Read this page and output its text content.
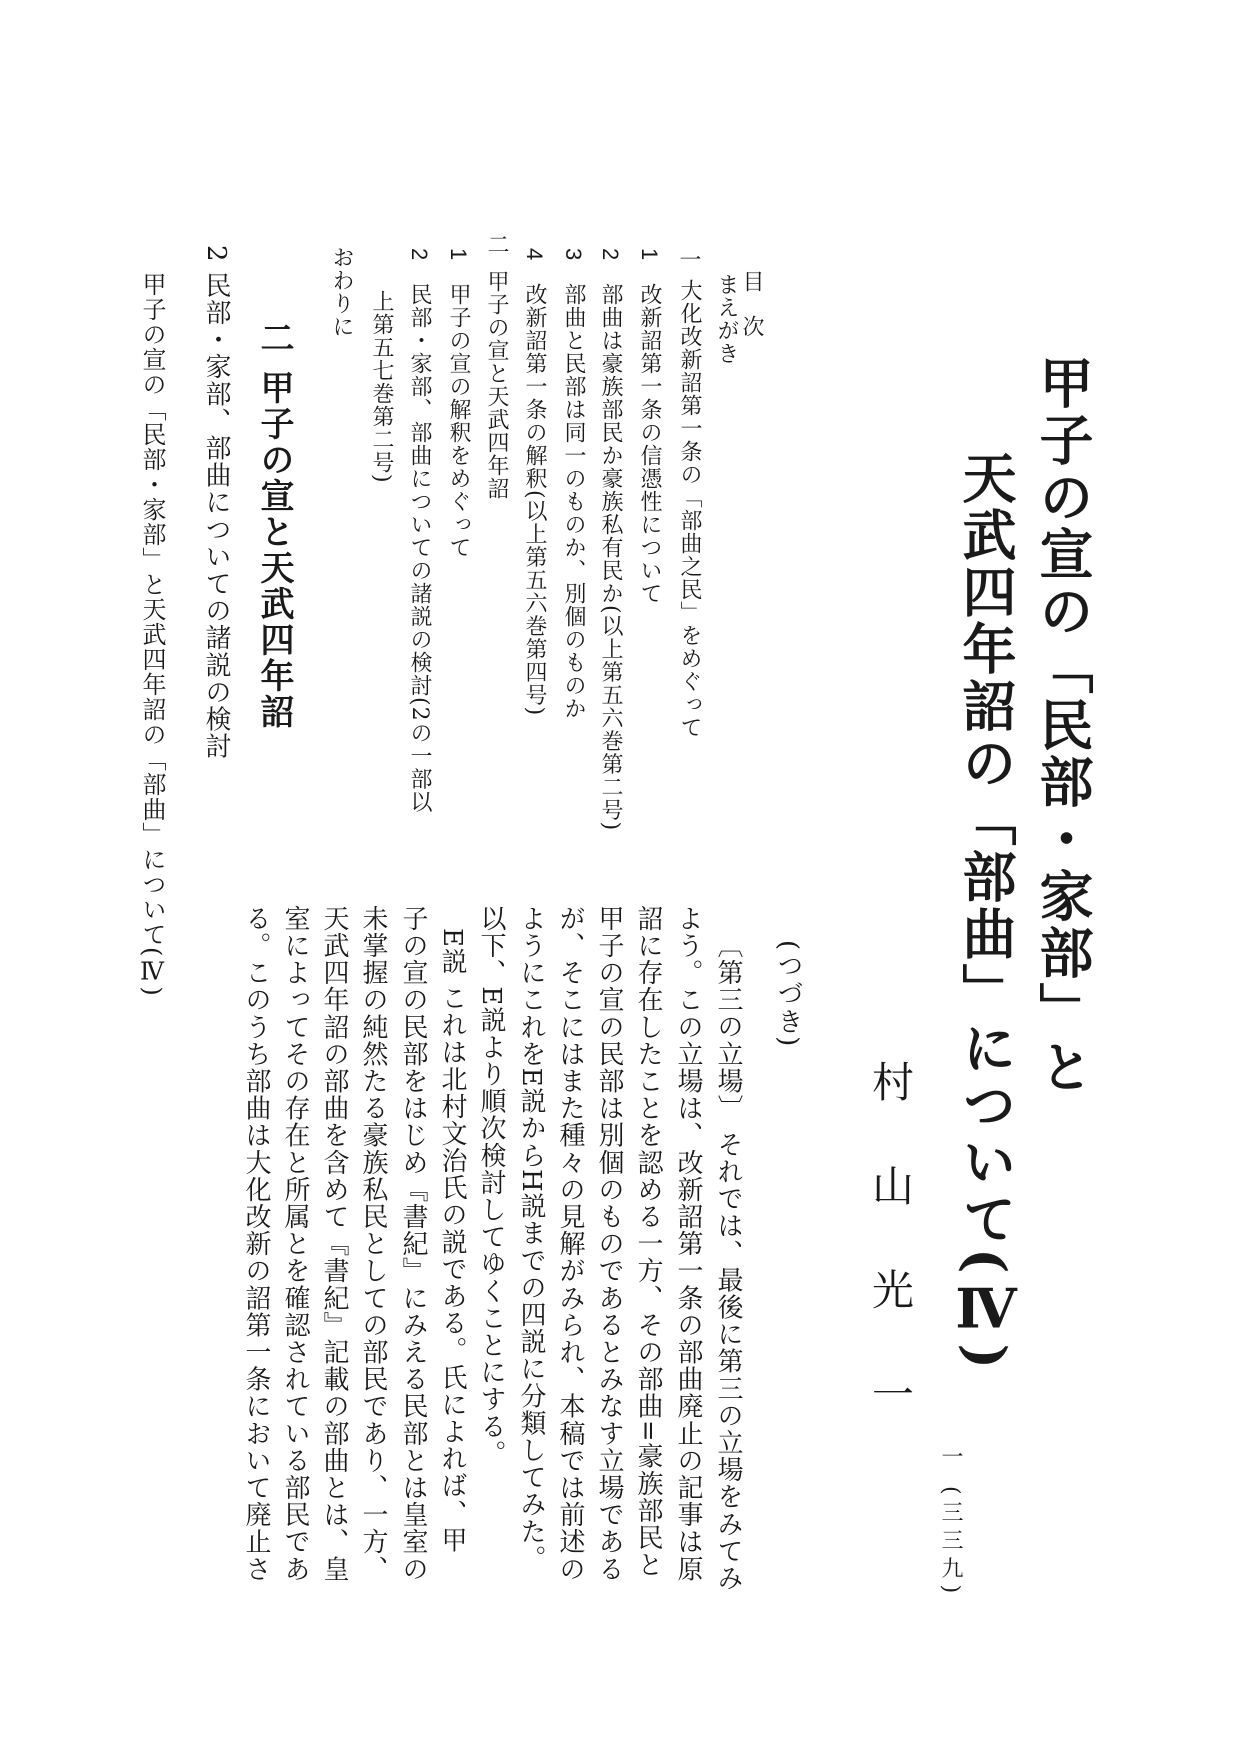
甲子の宣の「民部・家部」と
天武四年詔の「部曲」について(Ⅳ)
(つづき)
村山光一
目 次
まえがき
一 大化改新詔第一条の「部曲之民」をめぐって
1 改新詔第一条の信憑性について
2 部曲は豪族部民か豪族私有民か(以上第五六巻第二号)
3 部曲と民部は同一のものか、別個のものか
4 改新詔第一条の解釈(以上第五六巻第四号)
二 甲子の宣と天武四年詔
1 甲子の宣の解釈をめぐって
2 民部・家部、部曲についての諸説の検討(2の一部以
上第五七巻第二号)
おわりに
二 甲子の宣と天武四年詔
2 民部・家部、部曲についての諸説の検討
〔第三の立場〕 それでは、最後に第三の立場をみてみ
よう。この立場は、改新詔第一条の部曲廃止の記事は原
詔に存在したことを認める一方、その部曲=豪族部民と
甲子の宣の民部は別個のものであるとみなす立場である
が、そこにはまた種々の見解がみられ、本稿では前述の
ようにこれをE説からH説までの四説に分類してみた。
以下、E説より順次検討してゆくことにする。
E説 これは北村文治氏の説である。氏によれば、甲
子の宣の民部をはじめ『書紀』にみえる民部とは皇室の
未掌握の純然たる豪族私民としての部民であり、一方、
天武四年詔の部曲を含めて『書紀』記載の部曲とは、皇
室によってその存在と所属とを確認されている部民であ
る。このうち部曲は大化改新の詔第一条において廃止さ
甲子の宣の「民部・家部」と天武四年詔の「部曲」について(Ⅳ)
一 (三三九)
